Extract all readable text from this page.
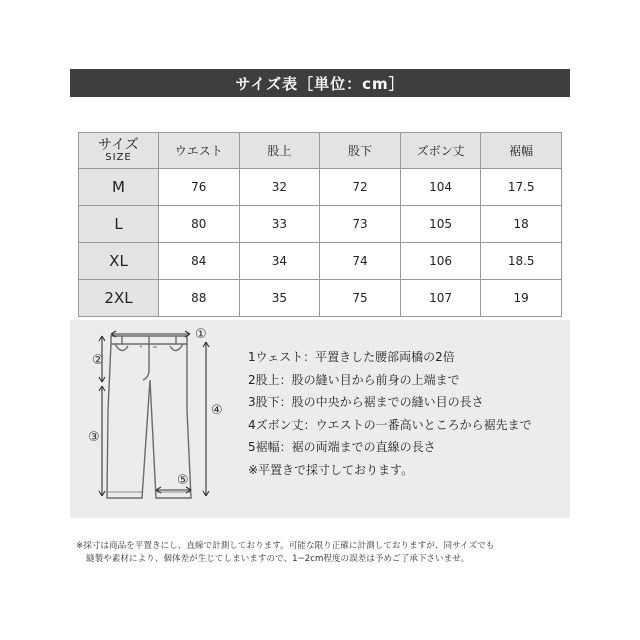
サイズ表［単位：cm］
サイズ
SIZE	ウエスト	股上	股下	ズボン丈	裾幅
M	76	32	72	104	17.5
L	80	33	73	105	18
XL	84	34	74	106	18.5
2XL	88	35	75	107	19
①
②
③
④
⑤
1ウェスト：平置きした腰部両橋の2倍
2股上：股の縫い目から前身の上端まで
3股下：股の中央から裾までの縫い目の長さ
4ズボン丈：ウエストの一番高いところから裾先まで
5裾幅：裾の両端までの直線の長さ
※平置きで採寸しております。
※採寸は商品を平置きにし、直線で計測しております。可能な限り正確に計測しておりますが、同サイズでも
縫製や素材により、個体差が生じてしまいますので、1~2cm程度の誤差は予めご了承下さいませ。
